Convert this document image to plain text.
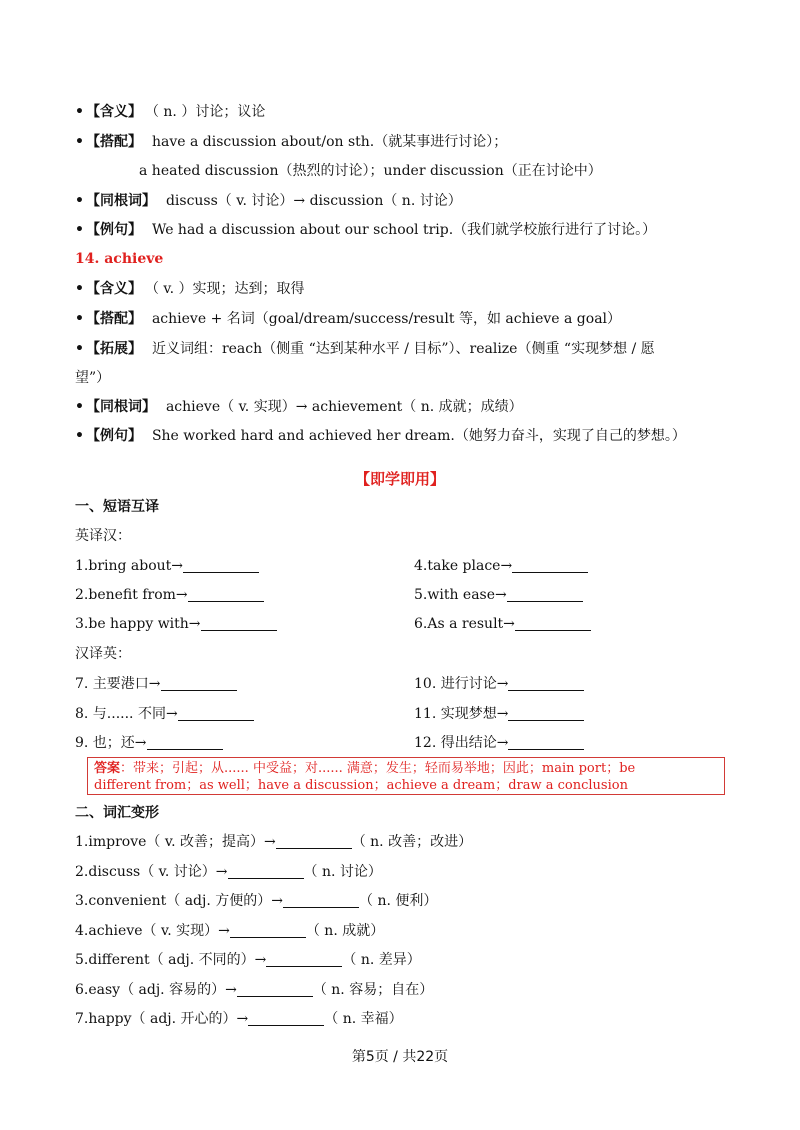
• 【含义】 （ n. ）讨论；议论
• 【搭配】 have a discussion about/on sth.（就某事进行讨论）；
a heated discussion（热烈的讨论）；under discussion（正在讨论中）
• 【同根词】 discuss（ v. 讨论）→ discussion（ n. 讨论）
• 【例句】 We had a discussion about our school trip.（我们就学校旅行进行了讨论。）
14. achieve
• 【含义】 （ v. ）实现；达到；取得
• 【搭配】 achieve + 名词（goal/dream/success/result 等，如 achieve a goal）
• 【拓展】 近义词组：reach（侧重 “达到某种水平 / 目标”）、realize（侧重 “实现梦想 / 愿
望”）
• 【同根词】 achieve（ v. 实现）→ achievement（ n. 成就；成绩）
• 【例句】 She worked hard and achieved her dream.（她努力奋斗，实现了自己的梦想。）
【即学即用】
一、短语互译
英译汉：
1.bring about→	4.take place→
2.benefit from→	5.with ease→
3.be happy with→	6.As a result→
汉译英：
7. 主要港口→	10. 进行讨论→
8. 与...... 不同→	11. 实现梦想→
9. 也；还→	12. 得出结论→
答案：带来；引起；从...... 中受益；对...... 满意；发生；轻而易举地；因此；main port；be
different from；as well；have a discussion；achieve a dream；draw a conclusion
二、词汇变形
1.improve（ v. 改善；提高）→	（ n. 改善；改进）
2.discuss（ v. 讨论）→	（ n. 讨论）
3.convenient（ adj. 方便的）→	（ n. 便利）
4.achieve（ v. 实现）→	（ n. 成就）
5.different（ adj. 不同的）→	（ n. 差异）
6.easy（ adj. 容易的）→	（ n. 容易；自在）
7.happy（ adj. 开心的）→	（ n. 幸福）
第5页 / 共22页
